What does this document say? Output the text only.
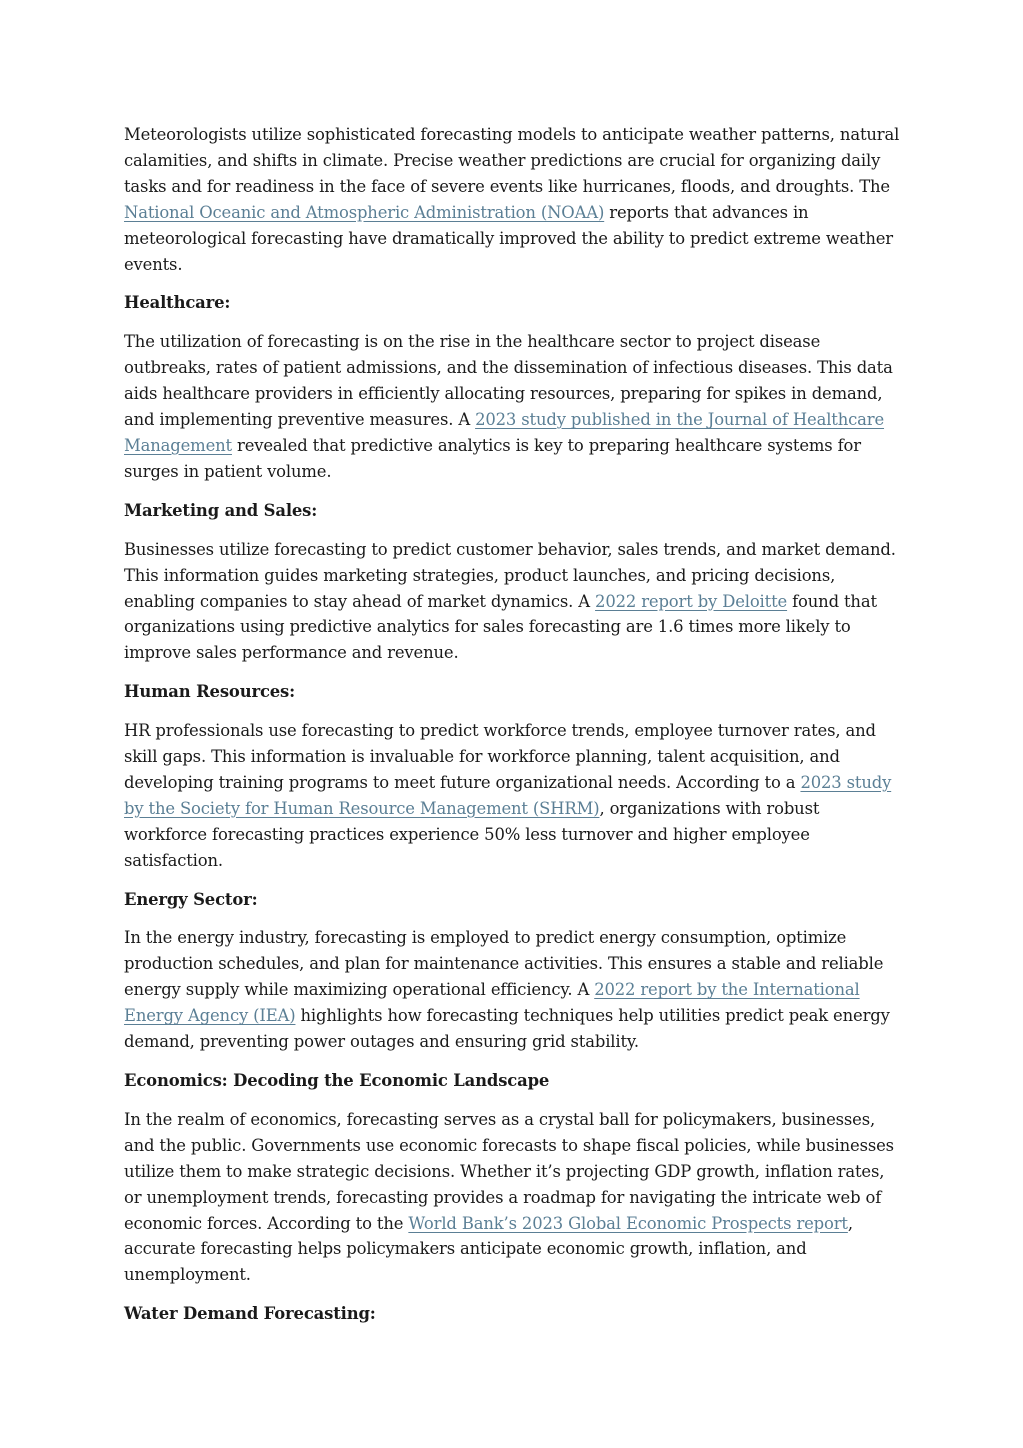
Meteorologists utilize sophisticated forecasting models to anticipate weather patterns, natural calamities, and shifts in climate. Precise weather predictions are crucial for organizing daily tasks and for readiness in the face of severe events like hurricanes, floods, and droughts. The National Oceanic and Atmospheric Administration (NOAA) reports that advances in meteorological forecasting have dramatically improved the ability to predict extreme weather events.

Healthcare:

The utilization of forecasting is on the rise in the healthcare sector to project disease outbreaks, rates of patient admissions, and the dissemination of infectious diseases. This data aids healthcare providers in efficiently allocating resources, preparing for spikes in demand, and implementing preventive measures. A 2023 study published in the Journal of Healthcare Management revealed that predictive analytics is key to preparing healthcare systems for surges in patient volume.

Marketing and Sales:

Businesses utilize forecasting to predict customer behavior, sales trends, and market demand. This information guides marketing strategies, product launches, and pricing decisions, enabling companies to stay ahead of market dynamics. A 2022 report by Deloitte found that organizations using predictive analytics for sales forecasting are 1.6 times more likely to improve sales performance and revenue.

Human Resources:

HR professionals use forecasting to predict workforce trends, employee turnover rates, and skill gaps. This information is invaluable for workforce planning, talent acquisition, and developing training programs to meet future organizational needs. According to a 2023 study by the Society for Human Resource Management (SHRM), organizations with robust workforce forecasting practices experience 50% less turnover and higher employee satisfaction.

Energy Sector:

In the energy industry, forecasting is employed to predict energy consumption, optimize production schedules, and plan for maintenance activities. This ensures a stable and reliable energy supply while maximizing operational efficiency. A 2022 report by the International Energy Agency (IEA) highlights how forecasting techniques help utilities predict peak energy demand, preventing power outages and ensuring grid stability.

Economics: Decoding the Economic Landscape

In the realm of economics, forecasting serves as a crystal ball for policymakers, businesses, and the public. Governments use economic forecasts to shape fiscal policies, while businesses utilize them to make strategic decisions. Whether it’s projecting GDP growth, inflation rates, or unemployment trends, forecasting provides a roadmap for navigating the intricate web of economic forces. According to the World Bank’s 2023 Global Economic Prospects report, accurate forecasting helps policymakers anticipate economic growth, inflation, and unemployment.

Water Demand Forecasting:
